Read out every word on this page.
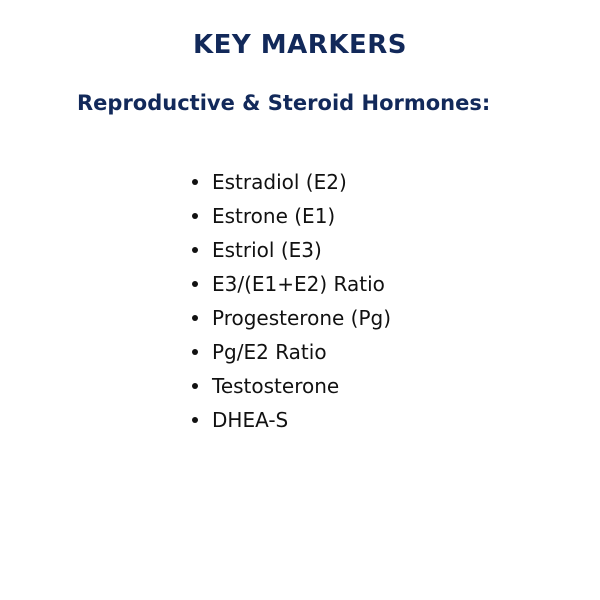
KEY MARKERS
Reproductive & Steroid Hormones:
Estradiol (E2)
Estrone (E1)
Estriol (E3)
E3/(E1+E2) Ratio
Progesterone (Pg)
Pg/E2 Ratio
Testosterone
DHEA-S
